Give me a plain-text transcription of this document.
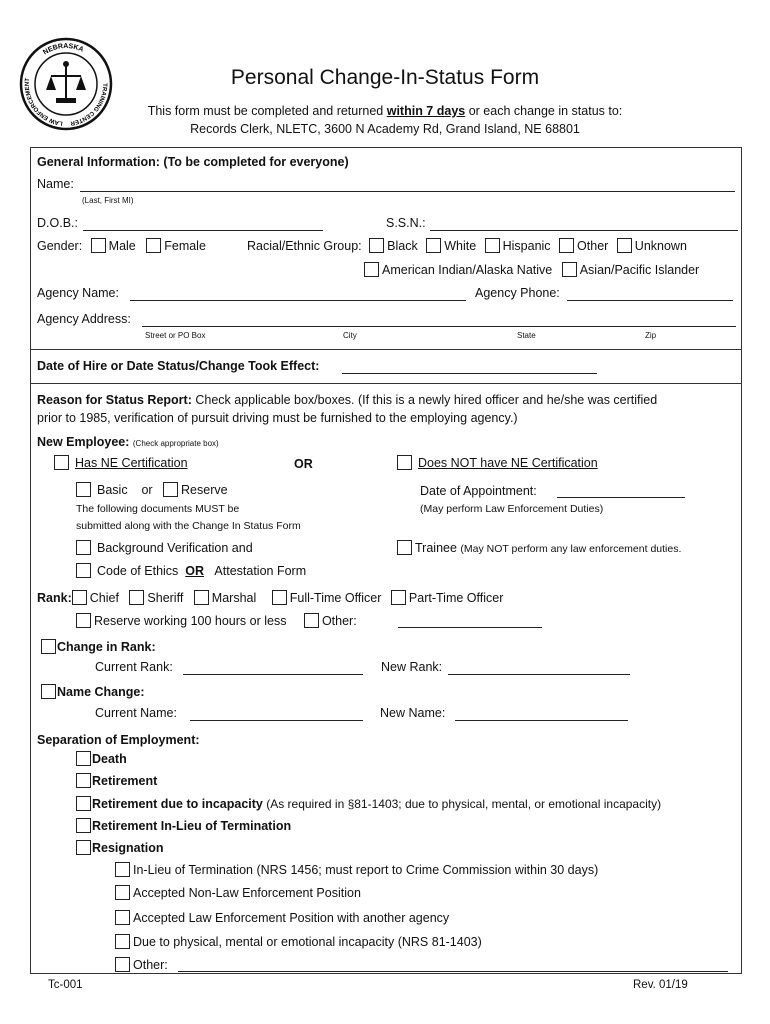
NEBRASKA
LAW ENFORCEMENT
TRAINING CENTER
Personal Change-In-Status Form
This form must be completed and returned within 7 days or each change in status to:
Records Clerk, NLETC, 3600 N Academy Rd, Grand Island, NE 68801
General Information: (To be completed for everyone)
Name:
(Last, First MI)
D.O.B.:	S.S.N.:
Gender: Male Female	Racial/Ethnic Group: Black White Hispanic Other Unknown
American Indian/Alaska Native Asian/Pacific Islander
Agency Name:	Agency Phone:
Agency Address:
Street or PO Box	City	State	Zip
Date of Hire or Date Status/Change Took Effect:
Reason for Status Report: Check applicable box/boxes. (If this is a newly hired officer and he/she was certified
prior to 1985, verification of pursuit driving must be furnished to the employing agency.)
New Employee: (Check appropriate box)
Has NE Certification	OR	Does NOT have NE Certification
Basic or Reserve	Date of Appointment:
The following documents MUST be
submitted along with the Change In Status Form
(May perform Law Enforcement Duties)
Background Verification and	Trainee (May NOT perform any law enforcement duties.
Code of Ethics OR Attestation Form
Rank: Chief Sheriff Marshal	Full-Time Officer Part-Time Officer
Reserve working 100 hours or less	Other:
Change in Rank:
Current Rank:	New Rank:
Name Change:
Current Name:	New Name:
Separation of Employment:
Death
Retirement
Retirement due to incapacity (As required in §81-1403; due to physical, mental, or emotional incapacity)
Retirement In-Lieu of Termination
Resignation
In-Lieu of Termination (NRS 1456; must report to Crime Commission within 30 days)
Accepted Non-Law Enforcement Position
Accepted Law Enforcement Position with another agency
Due to physical, mental or emotional incapacity (NRS 81-1403)
Other:
Tc-001	Rev. 01/19
